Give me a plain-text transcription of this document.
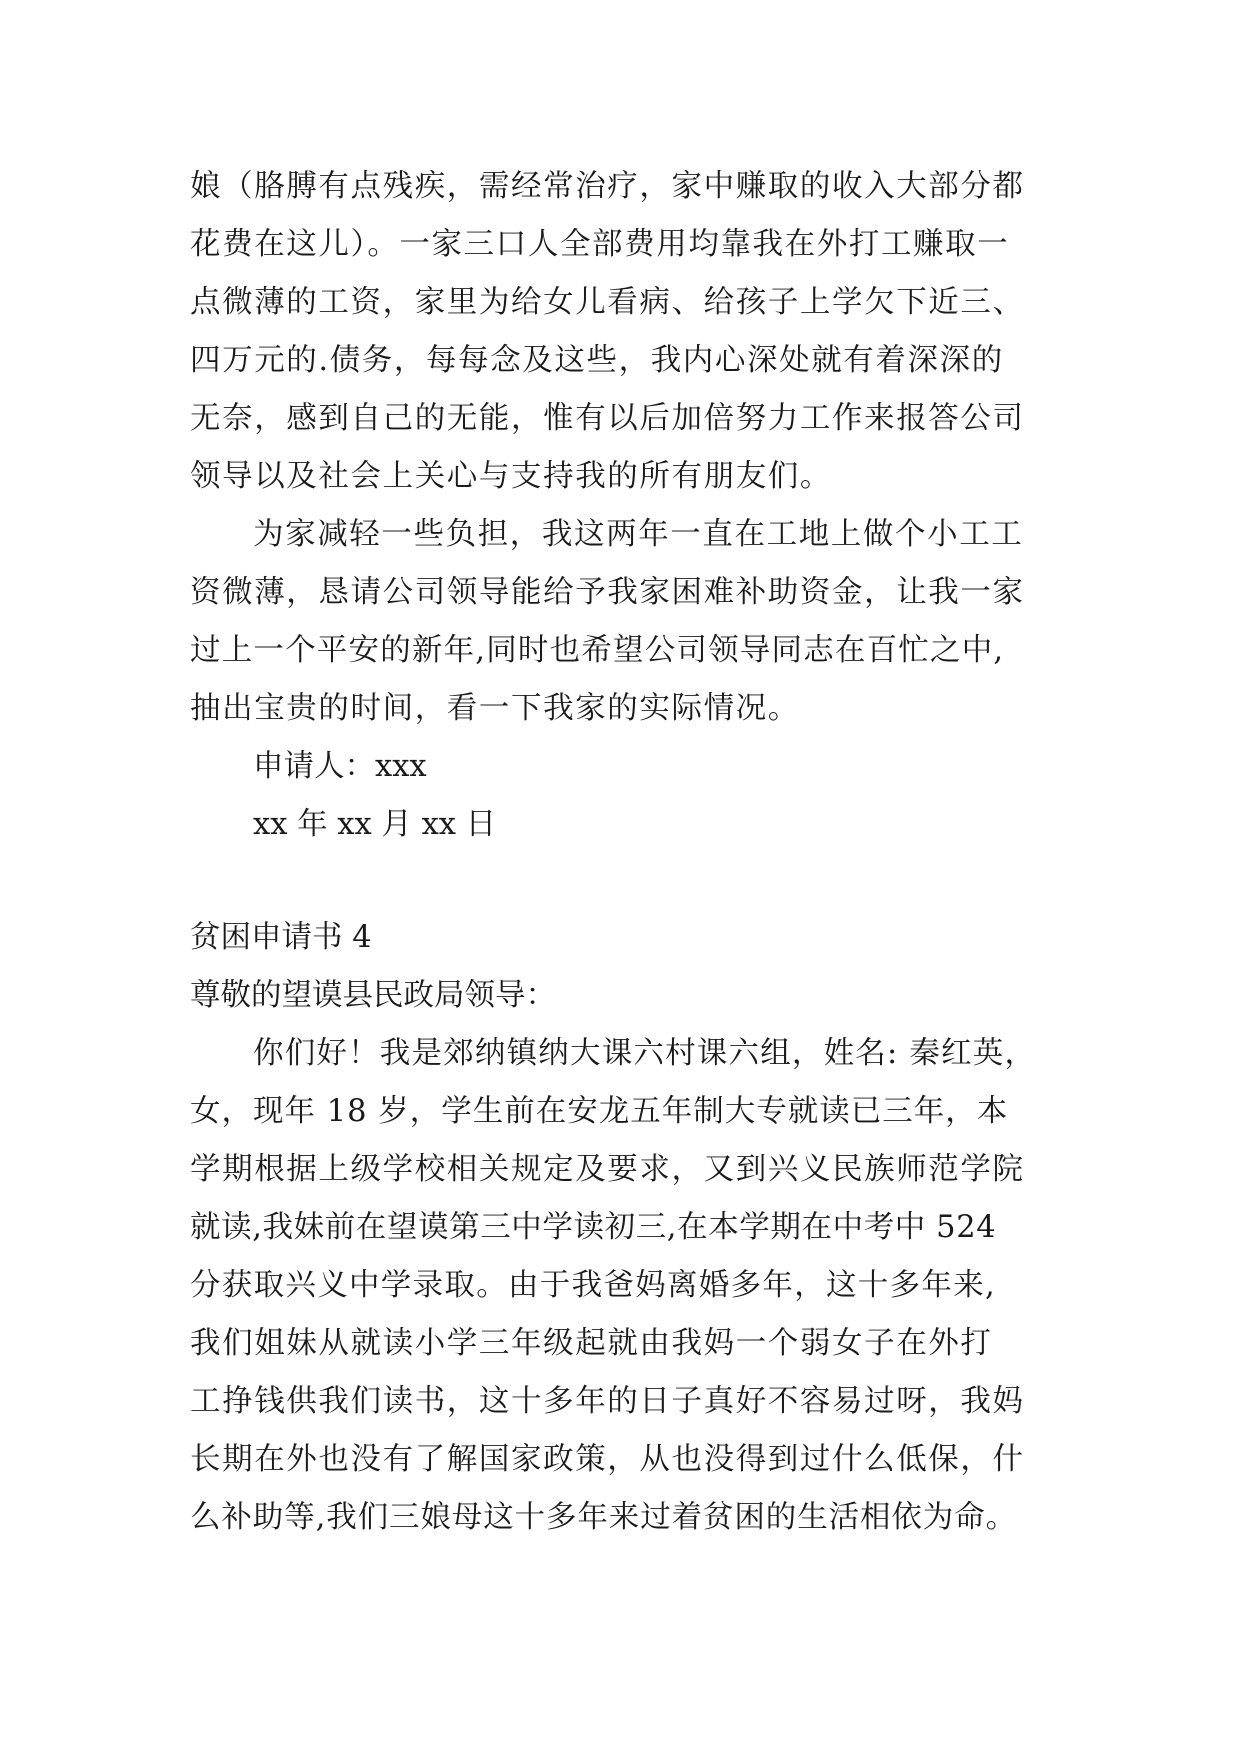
娘（胳膊有点残疾，需经常治疗，家中赚取的收入大部分都
花费在这儿）。一家三口人全部费用均靠我在外打工赚取一
点微薄的工资，家里为给女儿看病、给孩子上学欠下近三、
四万元的.债务，每每念及这些，我内心深处就有着深深的
无奈，感到自己的无能，惟有以后加倍努力工作来报答公司
领导以及社会上关心与支持我的所有朋友们。
为家减轻一些负担，我这两年一直在工地上做个小工工
资微薄，恳请公司领导能给予我家困难补助资金，让我一家
过上一个平安的新年,同时也希望公司领导同志在百忙之中,
抽出宝贵的时间，看一下我家的实际情况。
申请人：xxx
xx 年 xx 月 xx 日
贫困申请书 4
尊敬的望谟县民政局领导：
你们好！我是郊纳镇纳大课六村课六组，姓名: 秦红英，
女，现年 18 岁，学生前在安龙五年制大专就读已三年，本
学期根据上级学校相关规定及要求，又到兴义民族师范学院
就读,我妹前在望谟第三中学读初三,在本学期在中考中 524
分获取兴义中学录取。由于我爸妈离婚多年，这十多年来,
我们姐妹从就读小学三年级起就由我妈一个弱女子在外打
工挣钱供我们读书，这十多年的日子真好不容易过呀，我妈
长期在外也没有了解国家政策，从也没得到过什么低保，什
么补助等,我们三娘母这十多年来过着贫困的生活相依为命。
